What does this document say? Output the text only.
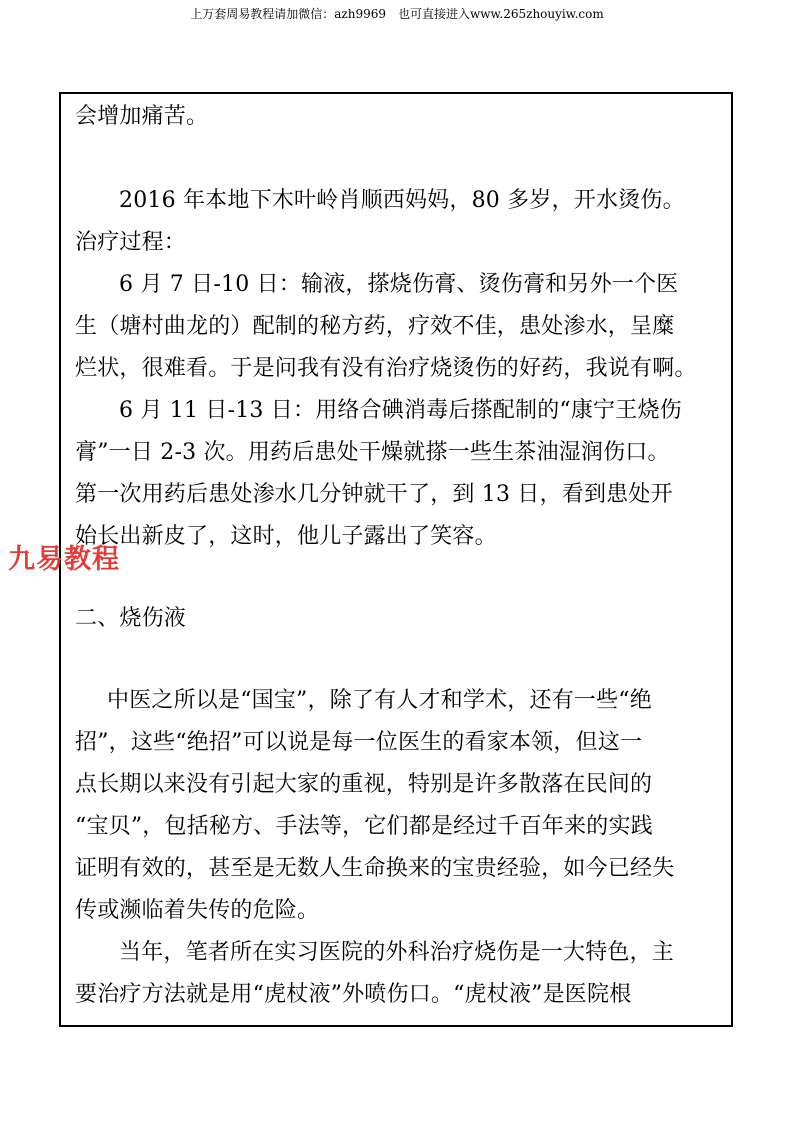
上万套周易教程请加微信：azh9969　也可直接进入www.265zhouyiw.com
会增加痛苦。
2016 年本地下木叶岭肖顺西妈妈，80 多岁，开水烫伤。
治疗过程：
6 月 7 日-10 日：输液，搽烧伤膏、烫伤膏和另外一个医
生（塘村曲龙的）配制的秘方药，疗效不佳，患处渗水，呈糜
烂状，很难看。于是问我有没有治疗烧烫伤的好药，我说有啊。
6 月 11 日-13 日：用络合碘消毒后搽配制的“康宁王烧伤
膏”一日 2-3 次。用药后患处干燥就搽一些生茶油湿润伤口。
第一次用药后患处渗水几分钟就干了，到 13 日，看到患处开
始长出新皮了，这时，他儿子露出了笑容。
二、烧伤液
中医之所以是“国宝”，除了有人才和学术，还有一些“绝
招”，这些“绝招”可以说是每一位医生的看家本领，但这一
点长期以来没有引起大家的重视，特别是许多散落在民间的
“宝贝”，包括秘方、手法等，它们都是经过千百年来的实践
证明有效的，甚至是无数人生命换来的宝贵经验，如今已经失
传或濒临着失传的危险。
当年，笔者所在实习医院的外科治疗烧伤是一大特色，主
要治疗方法就是用“虎杖液”外喷伤口。“虎杖液”是医院根
九易教程
